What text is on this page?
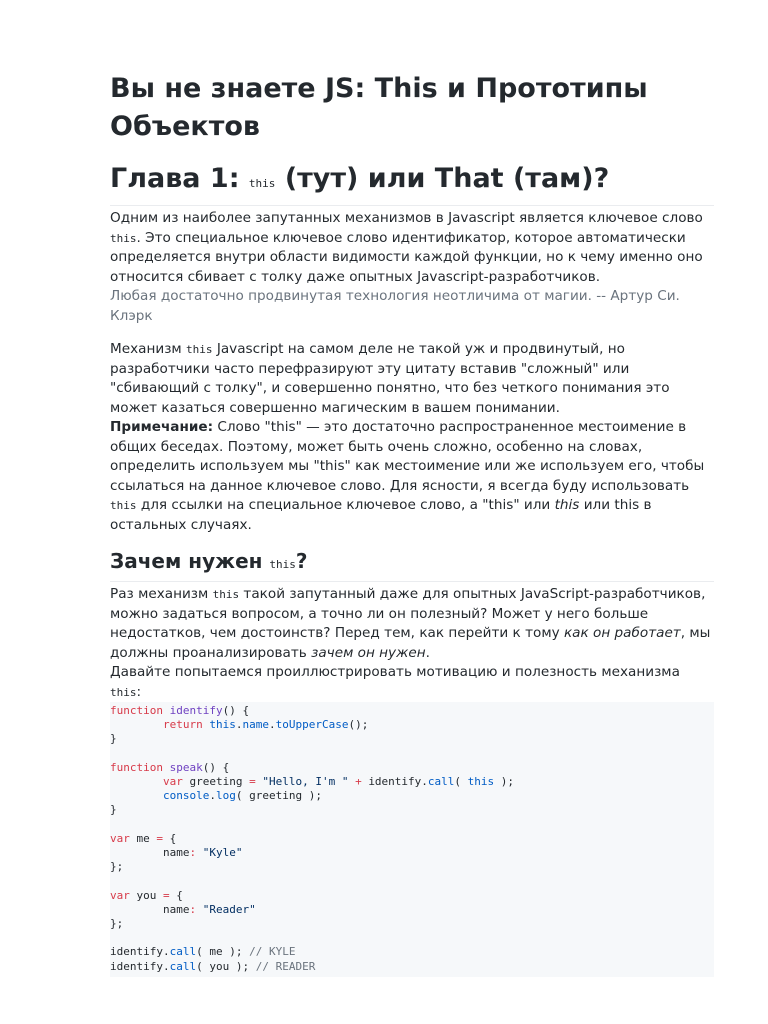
Вы не знаете JS: This и Прототипы Объектов
Глава 1: this (тут) или That (там)?

Одним из наиболее запутанных механизмов в Javascript является ключевое слово this. Это специальное ключевое слово идентификатор, которое автоматически определяется внутри области видимости каждой функции, но к чему именно оно относится сбивает с толку даже опытных Javascript-разработчиков.

Любая достаточно продвинутая технология неотличима от магии. -- Артур Си. Клэрк

Механизм this Javascript на самом деле не такой уж и продвинутый, но разработчики часто перефразируют эту цитату вставив "сложный" или "сбивающий с толку", и совершенно понятно, что без четкого понимания это может казаться совершенно магическим в вашем понимании.

Примечание: Слово "this" — это достаточно распространенное местоимение в общих беседах. Поэтому, может быть очень сложно, особенно на словах, определить используем мы "this" как местоимение или же используем его, чтобы ссылаться на данное ключевое слово. Для ясности, я всегда буду использовать this для ссылки на специальное ключевое слово, а "this" или this или this в остальных случаях.

Зачем нужен this?

Раз механизм this такой запутанный даже для опытных JavaScript-разработчиков, можно задаться вопросом, а точно ли он полезный? Может у него больше недостатков, чем достоинств? Перед тем, как перейти к тому как он работает, мы должны проанализировать зачем он нужен.

Давайте попытаемся проиллюстрировать мотивацию и полезность механизма this:

function identify() {
return this.name.toUpperCase();
}

function speak() {
var greeting = "Hello, I'm " + identify.call( this );
console.log( greeting );
}

var me = {
name: "Kyle"
};

var you = {
name: "Reader"
};

identify.call( me ); // KYLE
identify.call( you ); // READER
